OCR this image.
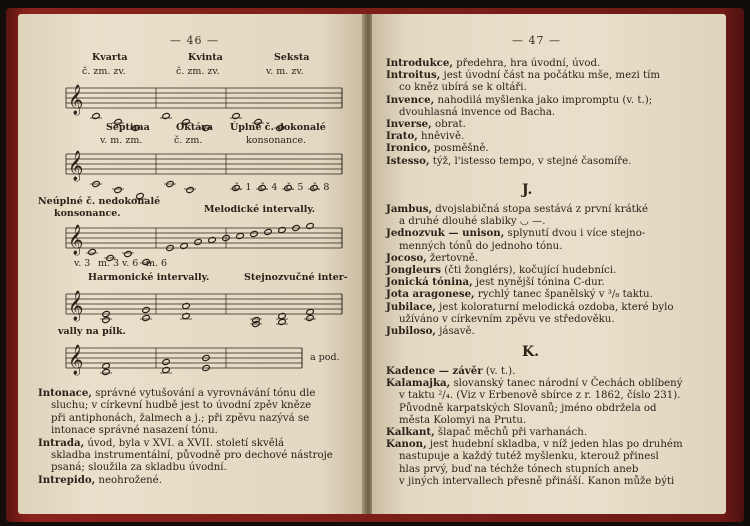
— 46 —
Kvarta	Kvinta	Seksta
č. zm. zv.	č. zm. zv.	v. m. zv.
𝄞
Septima	Oktáva Úplné č. dokonalé
v. m. zm.	č. zm.	konsonance.
𝄞
č. 1 č. 4 č. 5 č. 8
Neúplné č. nedokonalé
konsonance.	Melodické intervally.
𝄞
v. 3 m. 3 v. 6 m. 6
Harmonické intervally.	Stejnozvučné inter-
𝄞
vally na pílk.
𝄞	a pod.
Intonace, správné vytušování a vyrovnávání tónu dle
sluchu; v církevní hudbě jest to úvodní zpěv kněze
při antiphonách, žalmech a j.; při zpěvu nazývá se
intonace správné nasazení tónu.
Intrada, úvod, byla v XVI. a XVII. století skvělá
skladba instrumentální, původně pro dechové nástroje
psaná; sloužila za skladbu úvodní.
Intrepido, neohrožené.
— 47 —
Introdukce, předehra, hra úvodní, úvod.
Introitus, jest úvodní část na počátku mše, mezi tím
co kněz ubírá se k oltáři.
Invence, nahodilá myšlenka jako impromptu (v. t.);
dvouhlasná invence od Bacha.
Inverse, obrat.
Irato, hněvivě.
Ironico, posměšně.
Istesso, týž, l'istesso tempo, v stejné časomíře.
Jambus, dvojslabičná stopa sestává z první krátké
a druhé dlouhé slabiky ◡ —.
Jednozvuk — unison, splynutí dvou i více stejno-
menných tónů do jednoho tónu.
Jocoso, žertovně.
Jongleurs (čti žonglérs), kočující hudebníci.
Jonická tónina, jest nynější tónina C-dur.
Jota aragonese, rychlý tanec španělský v ³/₈ taktu.
Jubilace, jest koloraturní melodická ozdoba, které bylo
užíváno v církevním zpěvu ve středověku.
Jubiloso, jásavě.
Kadence — závěr (v. t.).
Kalamajka, slovanský tanec národní v Čechách oblíbený
v taktu ²/₄. (Viz v Erbenově sbírce z r. 1862, číslo 231).
Původně karpatských Slovanů; jméno obdržela od
města Kolomyi na Prutu.
Kalkant, šlapač měchů při varhanách.
Kanon, jest hudební skladba, v níž jeden hlas po druhém
nastupuje a každý tutéž myšlenku, kterouž přinesl
hlas prvý, buď na téchže tónech stupních aneb
v jiných intervallech přesně přináší. Kanon může býti
J.
K.
